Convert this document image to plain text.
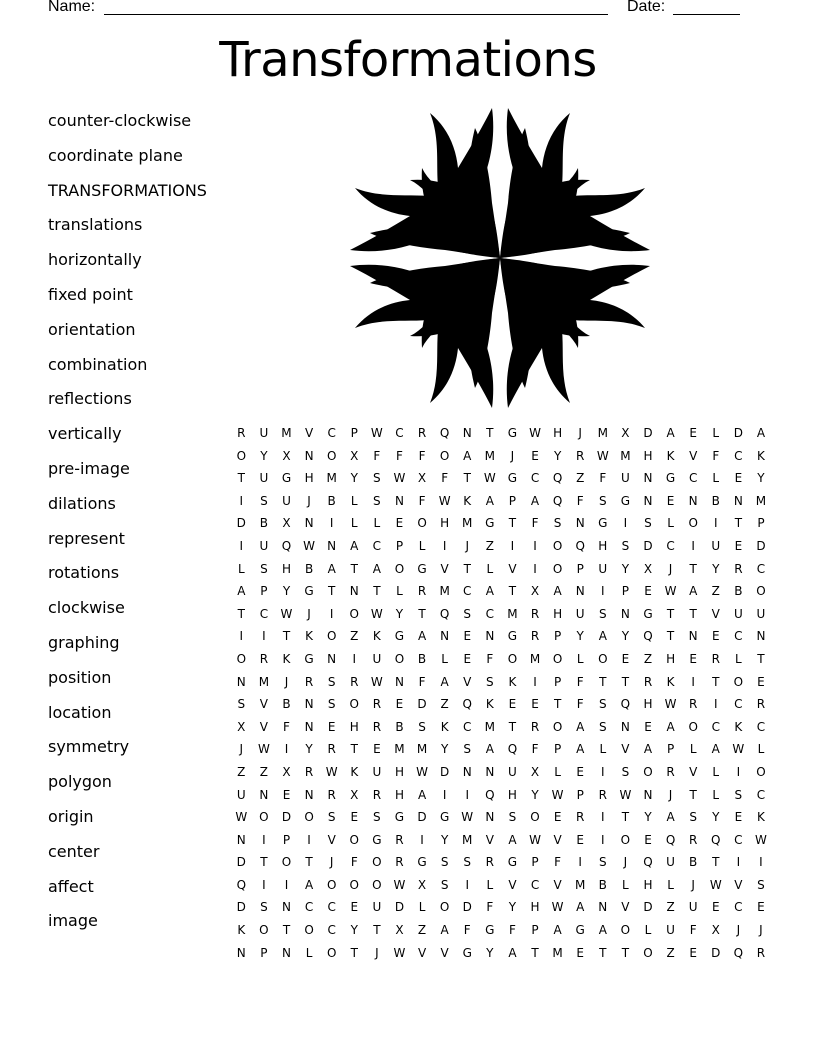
Name:	Date:
Transformations
counter-clockwise
coordinate plane
TRANSFORMATIONS
translations
horizontally
fixed point
orientation
combination
reflections
vertically
pre-image
dilations
represent
rotations
clockwise
graphing
position
location
symmetry
polygon
origin
center
affect
image
R U M V C P W C R Q N T G W H J M X D A E L D A
O Y X N O X F F F O A M J E Y R W M H K V F C K
T U G H M Y S W X F T W G C Q Z F U N G C L E Y
I S U J B L S N F W K A P A Q F S G N E N B N M
D B X N I L L E O H M G T F S N G I S L O I T P
I U Q W N A C P L I J Z I I O Q H S D C I U E D
L S H B A T A O G V T L V I O P U Y X J T Y R C
A P Y G T N T L R M C A T X A N I P E W A Z B O
T C W J I O W Y T Q S C M R H U S N G T T V U U
I I T K O Z K G A N E N G R P Y A Y Q T N E C N
O R K G N I U O B L E F O M O L O E Z H E R L T
N M J R S R W N F A V S K I P F T T R K I T O E
S V B N S O R E D Z Q K E E T F S Q H W R I C R
X V F N E H R B S K C M T R O A S N E A O C K C
J W I Y R T E M M Y S A Q F P A L V A P L A W L
Z Z X R W K U H W D N N U X L E I S O R V L I O
U N E N R X R H A I I Q H Y W P R W N J T L S C
W O D O S E S G D G W N S O E R I T Y A S Y E K
N I P I V O G R I Y M V A W V E I O E Q R Q C W
D T O T J F O R G S S R G P F I S J Q U B T I I
Q I I A O O O W X S I L V C V M B L H L J W V S
D S N C C E U D L O D F Y H W A N V D Z U E C E
K O T O C Y T X Z A F G F P A G A O L U F X J J
N P N L O T J W V V G Y A T M E T T O Z E D Q R
